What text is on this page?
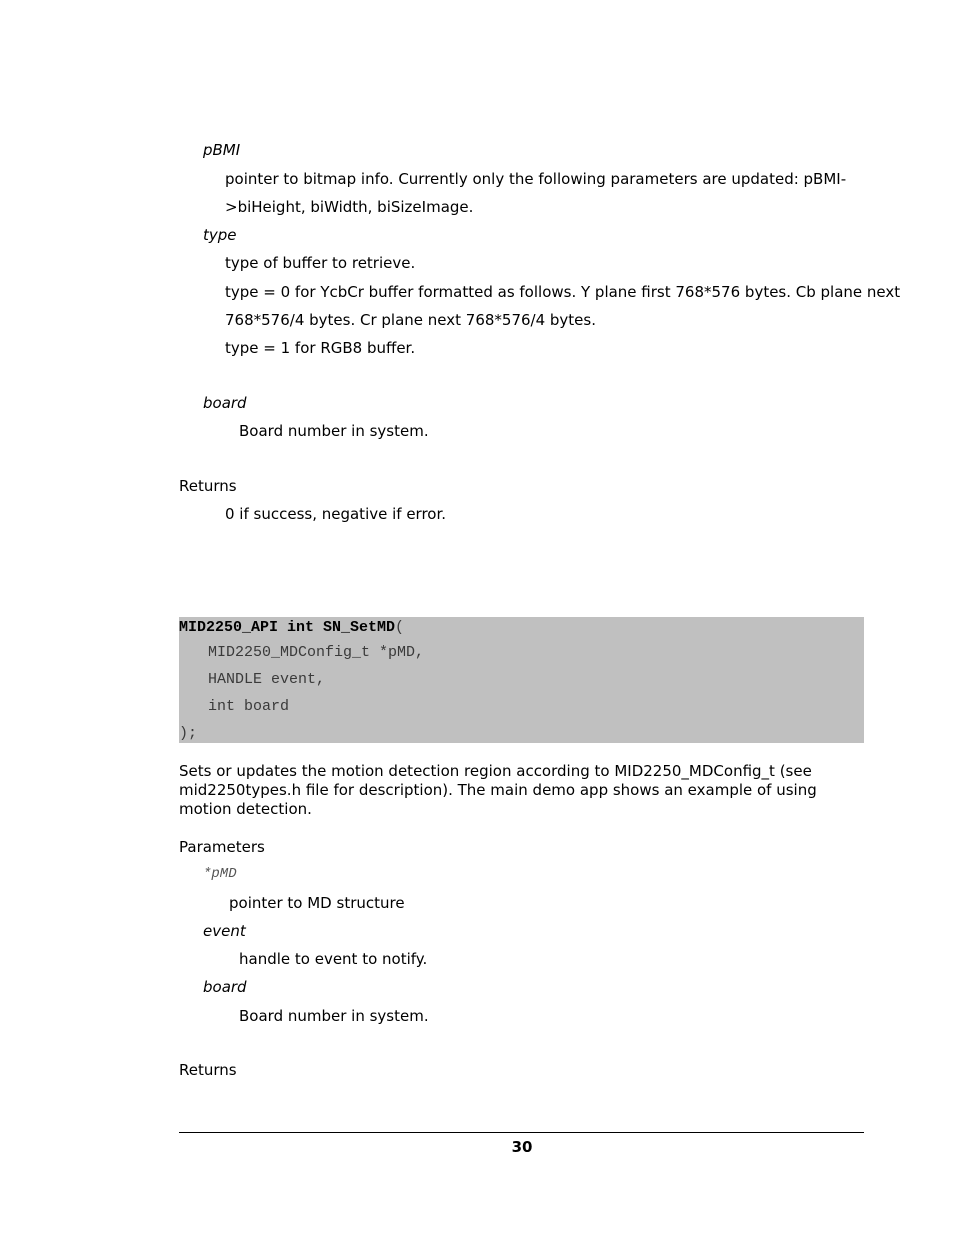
pBMI
pointer to bitmap info. Currently only the following parameters are updated: pBMI-
>biHeight, biWidth, biSizeImage.
type
type of buffer to retrieve.
type = 0 for YcbCr buffer formatted as follows. Y plane first 768*576 bytes. Cb plane next
768*576/4 bytes. Cr plane next 768*576/4 bytes.
type = 1 for RGB8 buffer.
board
Board number in system.
Returns
0 if success, negative if error.
MID2250_API int SN_SetMD(
MID2250_MDConfig_t *pMD,
HANDLE event,
int board
);
Sets or updates the motion detection region according to MID2250_MDConfig_t (see mid2250types.h file for description). The main demo app shows an example of using motion detection.
Parameters
*pMD
pointer to MD structure
event
handle to event to notify.
board
Board number in system.
Returns
30
